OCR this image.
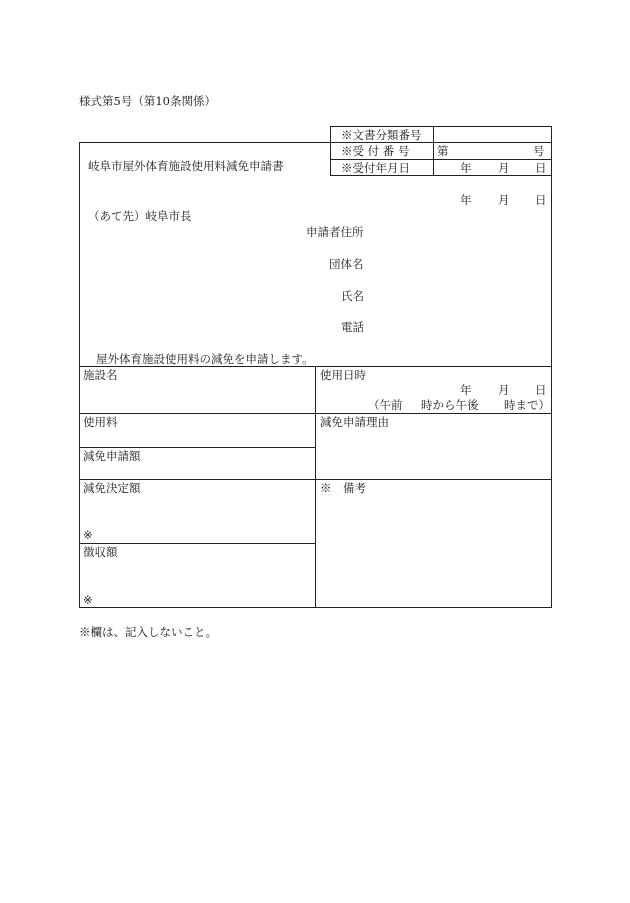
様式第5号（第10条関係）
※文書分類番号
※受 付 番 号 第	号
※受付年月日	年 月 日
岐阜市屋外体育施設使用料減免申請書
年 月 日
（あて先）岐阜市長
申請者住所
団体名
氏名
電話
屋外体育施設使用料の減免を申請します。
施設名	使用日時
年 月 日
（午前 時から午後 時まで）
使用料	減免申請理由
減免申請額
減免決定額	※　備考
※
徴収額
※
※欄は、記入しないこと。
